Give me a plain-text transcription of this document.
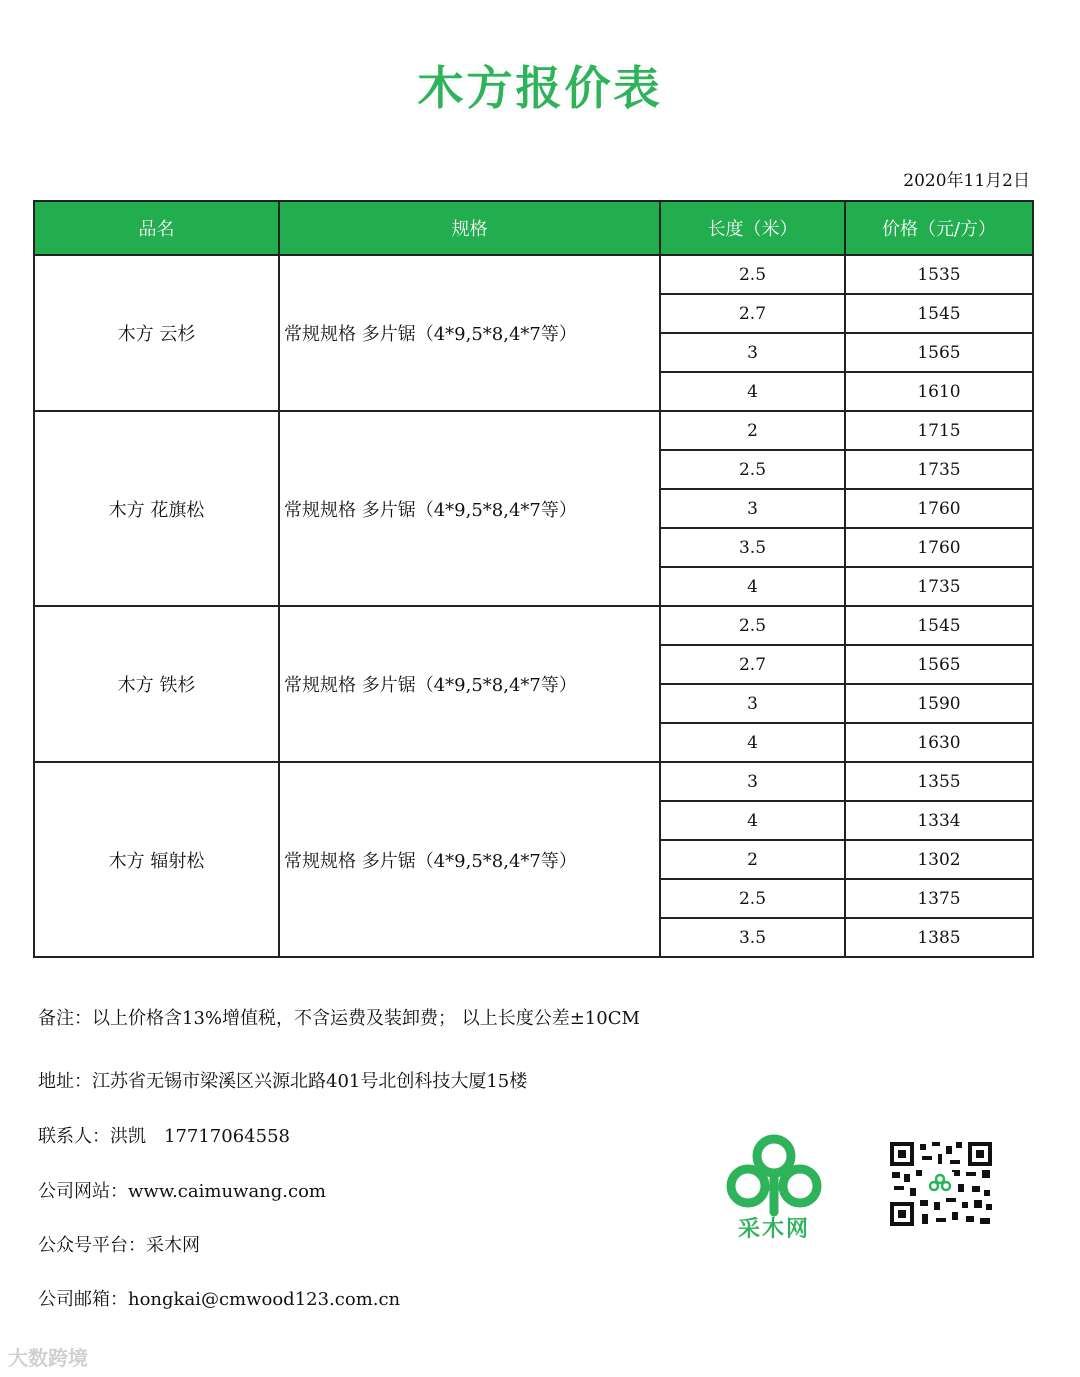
木方报价表
2020年11月2日
品名	规格	长度（米）	价格（元/方）
木方 云杉	常规规格 多片锯（4*9,5*8,4*7等）	2.5	1535
		2.7	1545
		3	1565
		4	1610
木方 花旗松	常规规格 多片锯（4*9,5*8,4*7等）	2	1715
		2.5	1735
		3	1760
		3.5	1760
		4	1735
木方 铁杉	常规规格 多片锯（4*9,5*8,4*7等）	2.5	1545
		2.7	1565
		3	1590
		4	1630
木方 辐射松	常规规格 多片锯（4*9,5*8,4*7等）	3	1355
		4	1334
		2	1302
		2.5	1375
		3.5	1385
备注：以上价格含13%增值税，不含运费及装卸费； 以上长度公差±10CM
地址：江苏省无锡市梁溪区兴源北路401号北创科技大厦15楼
联系人：洪凯　17717064558
公司网站：www.caimuwang.com
公众号平台：采木网
公司邮箱：hongkai@cmwood123.com.cn
采木网
大数跨境
